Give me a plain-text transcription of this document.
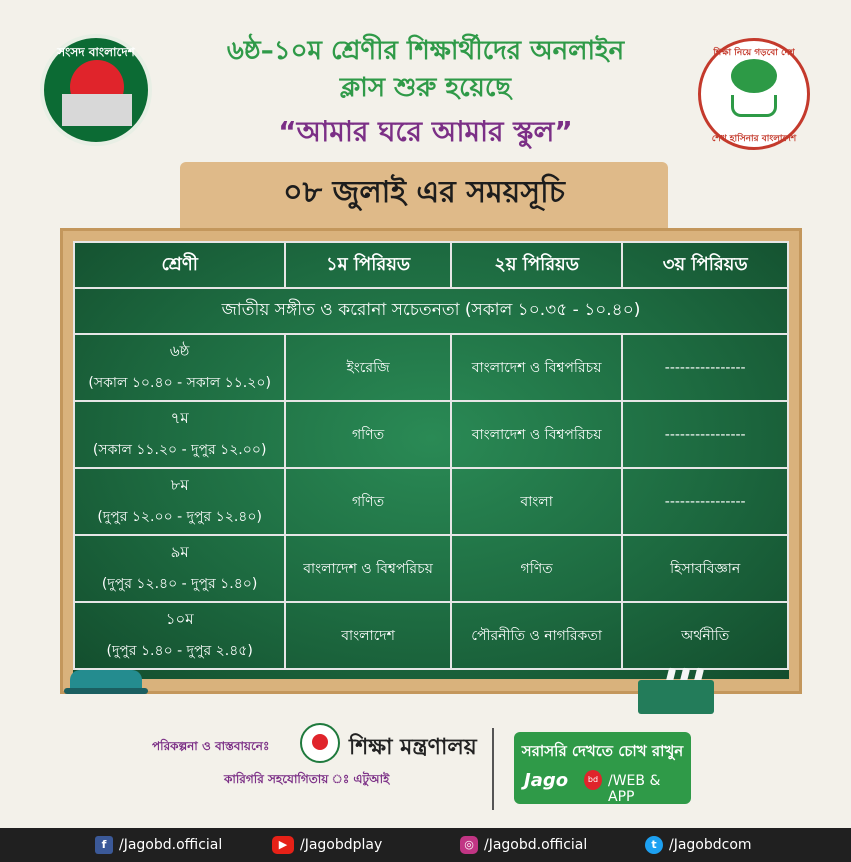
সংসদ বাংলাদেশ	৬ষ্ঠ–১০ম শ্রেণীর শিক্ষার্থীদের অনলাইন
ক্লাস শুরু হয়েছে
“আমার ঘরে আমার স্কুল”
শিক্ষা নিয়ে গড়বো দেশ
শেখ হাসিনার বাংলাদেশ
০৮ জুলাই এর সময়সূচি
শ্রেণী	১ম পিরিয়ড	২য় পিরিয়ড	৩য় পিরিয়ড
জাতীয় সঙ্গীত ও করোনা সচেতনতা (সকাল ১০.৩৫ - ১০.৪০)			

৬ষ্ঠ
(সকাল ১০.৪০ - সকাল ১১.২০)	ইংরেজি	বাংলাদেশ ও বিশ্বপরিচয়	----------------

৭ম
(সকাল ১১.২০ - দুপুর ১২.০০)	গণিত	বাংলাদেশ ও বিশ্বপরিচয়	----------------

৮ম
(দুপুর ১২.০০ - দুপুর ১২.৪০)	গণিত	বাংলা	----------------

৯ম
(দুপুর ১২.৪০ - দুপুর ১.৪০)	বাংলাদেশ ও বিশ্বপরিচয়	গণিত	হিসাববিজ্ঞান

১০ম
(দুপুর ১.৪০ - দুপুর ২.৪৫)	বাংলাদেশ	পৌরনীতি ও নাগরিকতা	অর্থনীতি
পরিকল্পনা ও বাস্তবায়নেঃ	শিক্ষা মন্ত্রণালয়
কারিগরি সহযোগিতায় ঃ এটুআই
সরাসরি দেখতে চোখ রাখুন
Jago	bd /WEB & APP
f /Jagobd.official	▶ /Jagobdplay	◎ /Jagobd.official	t /Jagobdcom
